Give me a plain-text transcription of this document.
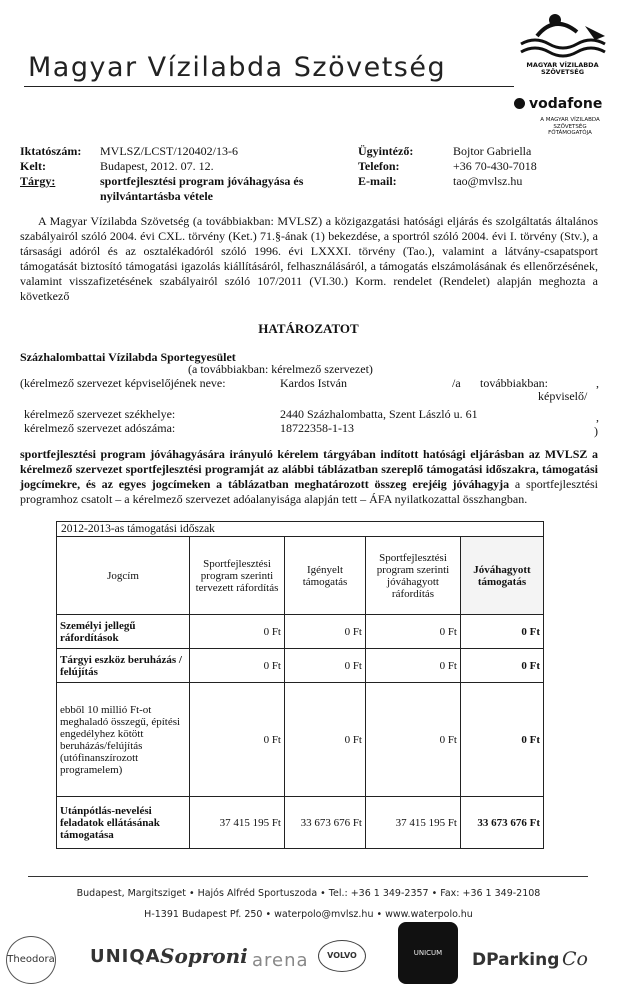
Magyar Vízilabda Szövetség	MAGYAR VÍZILABDA
SZÖVETSÉG
vodafone
A MAGYAR VÍZILABDA
SZÖVETSÉG
FŐTÁMOGATÓJA
Iktatószám:	MVLSZ/LCST/120402/13-6	Ügyintéző:	Bojtor Gabriella
Kelt:	Budapest, 2012. 07. 12.	Telefon:	+36 70-430-7018
Tárgy:	sportfejlesztési program jóváhagyása és nyilvántartásba vétele	E-mail:	tao@mvlsz.hu
A Magyar Vízilabda Szövetség (a továbbiakban: MVLSZ) a közigazgatási hatósági eljárás és szolgáltatás általános szabályairól szóló 2004. évi CXL. törvény (Ket.) 71.§-ának (1) bekezdése, a sportról szóló 2004. évi I. törvény (Stv.), a társasági adóról és az osztalékadóról szóló 1996. évi LXXXI. törvény (Tao.), valamint a látvány-csapatsport támogatását biztosító támogatási igazolás kiállításáról, felhasználásáról, a támogatás elszámolásának és ellenőrzésének, valamint visszafizetésének szabályairól szóló 107/2011 (VI.30.) Korm. rendelet (Rendelet) alapján meghozta a következő
HATÁROZATOT
Százhalombattai Vízilabda Sportegyesület
(a továbbiakban: kérelmező szervezet)
(kérelmező szervezet képviselőjének neve:	Kardos István	/a továbbiakban:	,
képviselő/
kérelmező szervezet székhelye:	2440 Százhalombatta, Szent László u. 61	,
kérelmező szervezet adószáma:	18722358-1-13	)
sportfejlesztési program jóváhagyására irányuló kérelem tárgyában indított hatósági eljárásban az MVLSZ a kérelmező szervezet sportfejlesztési programját az alábbi táblázatban szereplő támogatási időszakra, támogatási jogcímekre, és az egyes jogcímeken a táblázatban meghatározott összeg erejéig jóváhagyja a sportfejlesztési programhoz csatolt – a kérelmező szervezet adóalanyisága alapján tett – ÁFA nyilatkozattal összhangban.
2012-2013-as támogatási időszak				
Jogcím	Sportfejlesztési program szerinti tervezett ráfordítás	Igényelt támogatás	Sportfejlesztési program szerinti jóváhagyott ráfordítás	Jóváhagyott támogatás
Személyi jellegű ráfordítások	0 Ft	0 Ft	0 Ft	0 Ft
Tárgyi eszköz beruházás / felújítás	0 Ft	0 Ft	0 Ft	0 Ft
ebből 10 millió Ft-ot meghaladó összegű, építési engedélyhez kötött beruházás/felújítás (utófinanszírozott programelem)	0 Ft	0 Ft	0 Ft	0 Ft
Utánpótlás-nevelési feladatok ellátásának támogatása	37 415 195 Ft	33 673 676 Ft	37 415 195 Ft	33 673 676 Ft
Budapest, Margitsziget • Hajós Alfréd Sportuszoda • Tel.: +36 1 349-2357 • Fax: +36 1 349-2108
H-1391 Budapest Pf. 250 • waterpolo@mvlsz.hu • www.waterpolo.hu
Theodora UNIQA Soproni arena	VOLVO	UNICUM	DParking Co
